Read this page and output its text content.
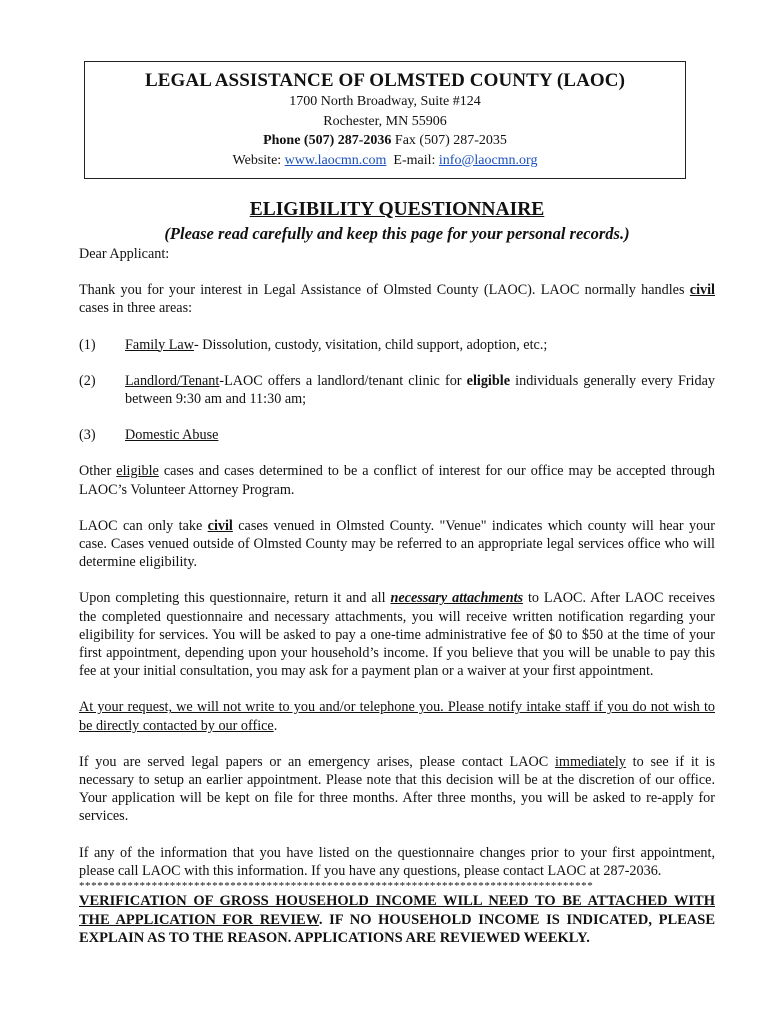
LEGAL ASSISTANCE OF OLMSTED COUNTY (LAOC)
1700 North Broadway, Suite #124
Rochester, MN 55906
Phone (507) 287-2036 Fax (507) 287-2035
Website: www.laocmn.com  E-mail: info@laocmn.org
ELIGIBILITY QUESTIONNAIRE
(Please read carefully and keep this page for your personal records.)

Dear Applicant:

Thank you for your interest in Legal Assistance of Olmsted County (LAOC). LAOC normally handles civil cases in three areas:

(1)	Family Law- Dissolution, custody, visitation, child support, adoption, etc.;
(2)	Landlord/Tenant-LAOC offers a landlord/tenant clinic for eligible individuals generally every Friday between 9:30 am and 11:30 am;
(3)	Domestic Abuse

Other eligible cases and cases determined to be a conflict of interest for our office may be accepted through LAOC’s Volunteer Attorney Program.

LAOC can only take civil cases venued in Olmsted County. "Venue" indicates which county will hear your case. Cases venued outside of Olmsted County may be referred to an appropriate legal services office who will determine eligibility.

Upon completing this questionnaire, return it and all necessary attachments to LAOC. After LAOC receives the completed questionnaire and necessary attachments, you will receive written notification regarding your eligibility for services. You will be asked to pay a one-time administrative fee of $0 to $50 at the time of your first appointment, depending upon your household’s income. If you believe that you will be unable to pay this fee at your initial consultation, you may ask for a payment plan or a waiver at your first appointment.

At your request, we will not write to you and/or telephone you. Please notify intake staff if you do not wish to be directly contacted by our office.

If you are served legal papers or an emergency arises, please contact LAOC immediately to see if it is necessary to setup an earlier appointment. Please note that this decision will be at the discretion of our office. Your application will be kept on file for three months. After three months, you will be asked to re-apply for services.

If any of the information that you have listed on the questionnaire changes prior to your first appointment, please call LAOC with this information. If you have any questions, please contact LAOC at 287-2036.

*************************************************************************************
VERIFICATION OF GROSS HOUSEHOLD INCOME WILL NEED TO BE ATTACHED WITH THE APPLICATION FOR REVIEW. IF NO HOUSEHOLD INCOME IS INDICATED, PLEASE EXPLAIN AS TO THE REASON. APPLICATIONS ARE REVIEWED WEEKLY.
